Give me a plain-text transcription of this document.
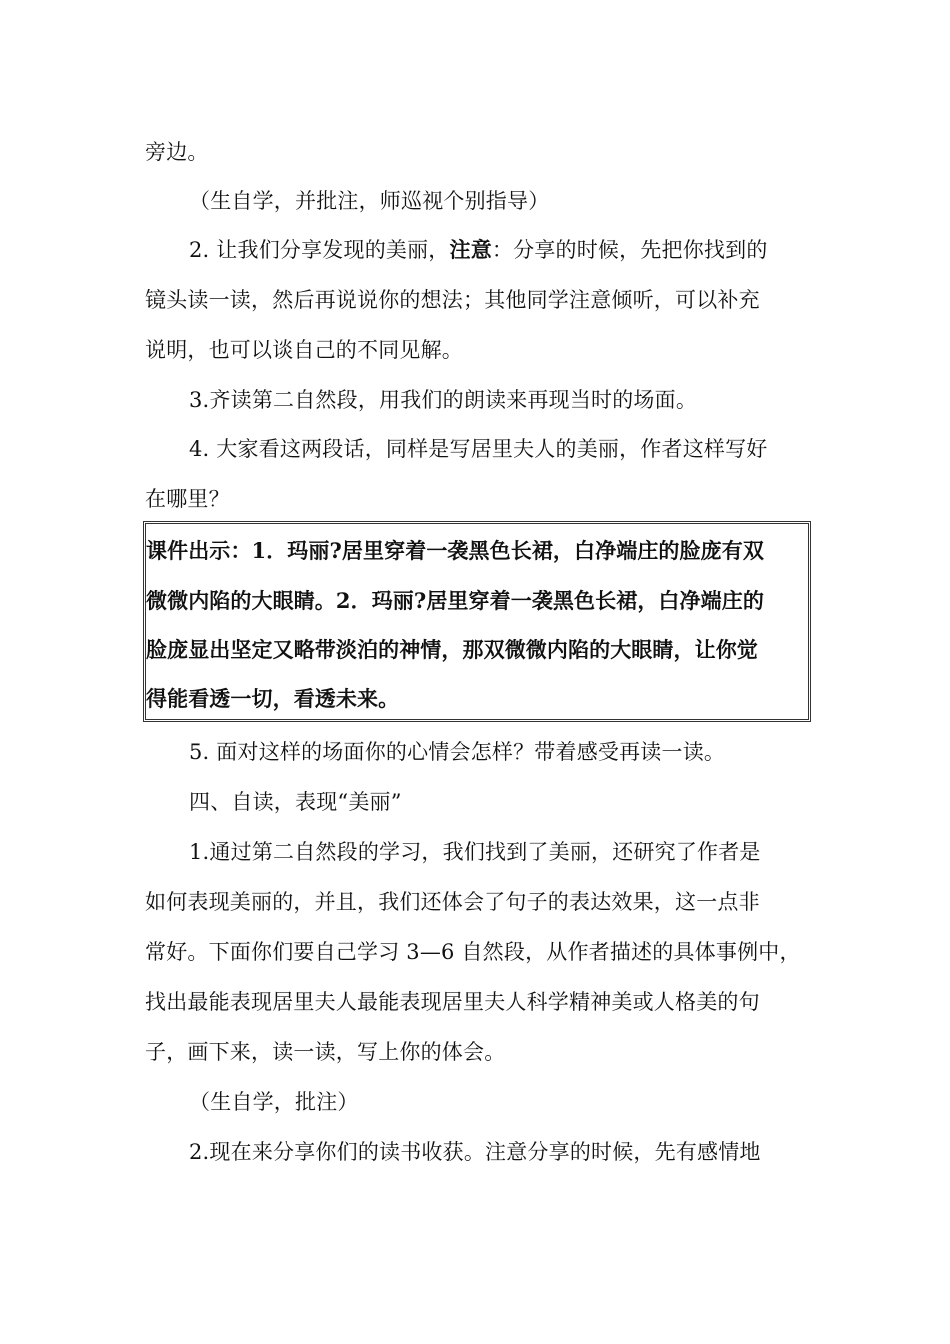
旁边。
（生自学，并批注，师巡视个别指导）
2. 让我们分享发现的美丽，注意：分享的时候，先把你找到的
镜头读一读，然后再说说你的想法；其他同学注意倾听，可以补充
说明，也可以谈自己的不同见解。
3.齐读第二自然段，用我们的朗读来再现当时的场面。
4. 大家看这两段话，同样是写居里夫人的美丽，作者这样写好
在哪里？
课件出示：1．玛丽?居里穿着一袭黑色长裙，白净端庄的脸庞有双
微微内陷的大眼睛。2．玛丽?居里穿着一袭黑色长裙，白净端庄的
脸庞显出坚定又略带淡泊的神情，那双微微内陷的大眼睛，让你觉
得能看透一切，看透未来。
5. 面对这样的场面你的心情会怎样？带着感受再读一读。
四、自读，表现“美丽”
1.通过第二自然段的学习，我们找到了美丽，还研究了作者是
如何表现美丽的，并且，我们还体会了句子的表达效果，这一点非
常好。下面你们要自己学习 3—6 自然段，从作者描述的具体事例中，
找出最能表现居里夫人最能表现居里夫人科学精神美或人格美的句
子，画下来，读一读，写上你的体会。
（生自学，批注）
2.现在来分享你们的读书收获。注意分享的时候，先有感情地
